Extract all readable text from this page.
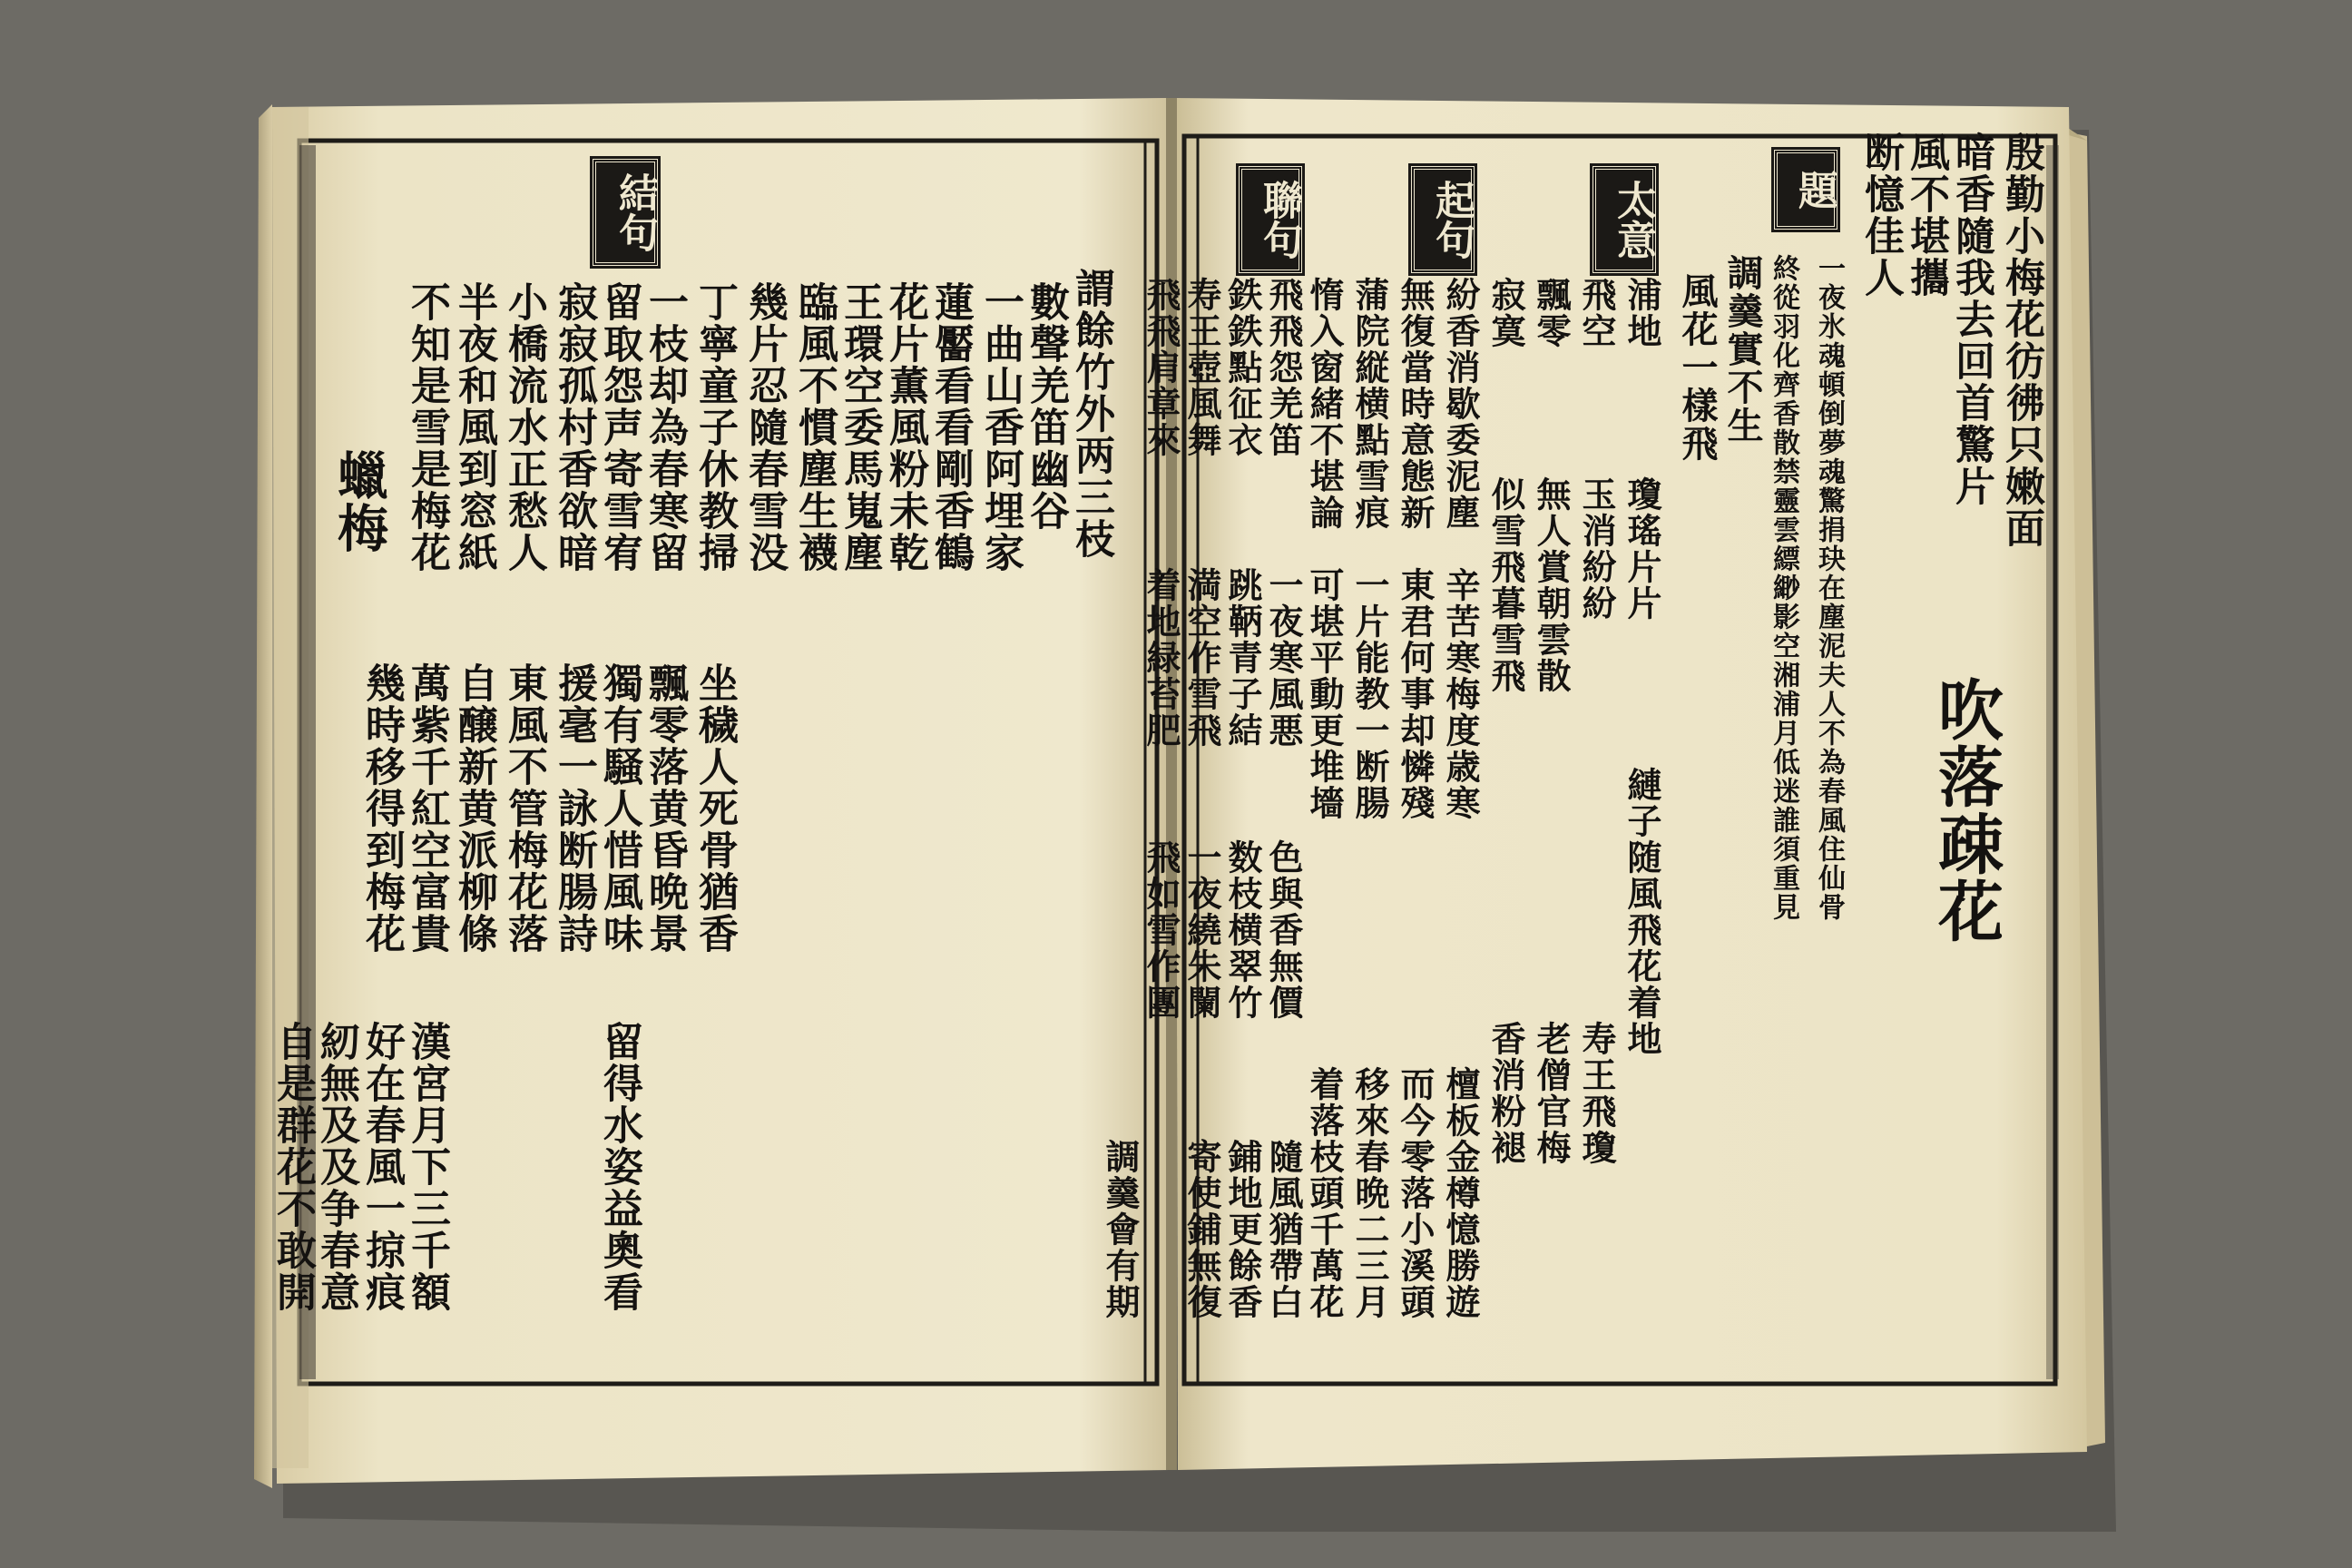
結句
蠟梅	留取怨声寄雪宥
寂寂孤村香欲暗
小橋流水正愁人
半夜和風到窓紙
不知是雪是梅花
東風不管梅花落
自醸新黄派柳條
萬紫千紅空富貴
幾時移得到梅花
丁寧童子休教掃
一枝却為春寒留
獨有騒人惜風味
援毫一詠断腸詩
漢宮月下三千額
好在春風一掠痕
紉無及及争春意
自是群花不敢開
幾片忍隨春雪没
坐穢人死骨猶香
臨風不慣塵生襪 王環空委馬嵬塵
飄零落黄昏晩景
留得水姿益奧看
蓮靨看看剛香鶴
花片薫風粉未乾 數聲羌笛幽谷
一曲山香阿埋家 謂餘竹外两三枝
題
太意
起句
聯句
吹落疎花
殷勤小梅花彷彿只嫩面
暗香隨我去回首驚片
風不堪攜
断憶佳人
一夜氷魂頓倒夢魂驚捐玦在塵泥夫人不為春風住仙骨
終從羽化齊香散禁靈雲縹緲影空湘浦月低迷誰須重見
調羹實不生
風花一樣飛
浦地
飛空
飄零
寂寞
紛香消歇委泥塵
無復當時意態新
蒲院縦横點雪痕
惰入窗緒不堪論
飛飛怨羌笛
鉄鉄點征衣
寿王壺風舞
飛飛肩章來
瓊瑤片片
玉消紛紛
無人賞朝雲散
似雪飛暮雪飛
辛苦寒梅度歳寒
東君何事却憐殘
一片能教一断腸
可堪平動更堆墻
一夜寒風悪
跳鞆青子結
満空作雪飛
着地緑苔肥
色與香無價
数枝横翠竹
一夜繞朱闌
飛如雪作團
調羹會有期
縺子随風飛花着地
寿王飛瓊
老僧官梅
香消粉褪
檀板金樽憶勝遊
而今零落小溪頭
移來春晩二三月
着落枝頭千萬花
隨風猶帶白
鋪地更餘香
寄使鋪無復
